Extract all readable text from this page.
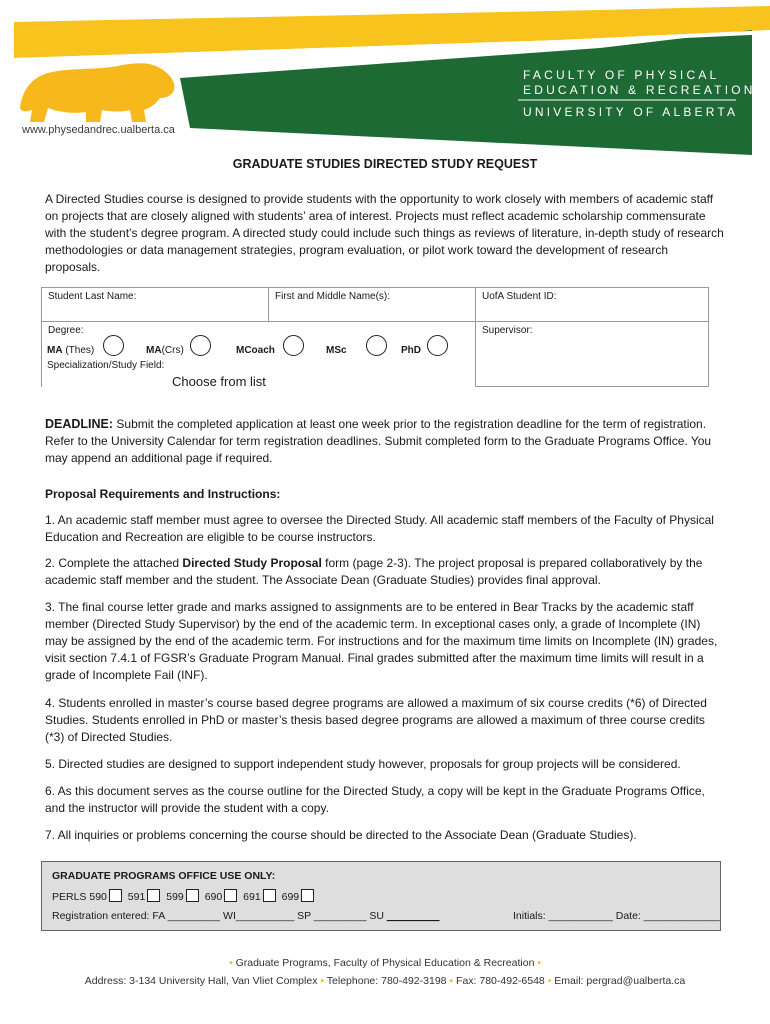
FACULTY OF PHYSICAL
EDUCATION & RECREATION
UNIVERSITY OF ALBERTA
www.physedandrec.ualberta.ca
GRADUATE STUDIES DIRECTED STUDY REQUEST
A Directed Studies course is designed to provide students with the opportunity to work closely with members of academic staff on projects that are closely aligned with students’ area of interest. Projects must reflect academic scholarship commensurate with the student’s degree program. A directed study could include such things as reviews of literature, in-depth study of research methodologies or data management strategies, program evaluation, or pilot work toward the development of research proposals.
Student Last Name:	First and Middle Name(s):	UofA Student ID:
Degree:		Supervisor:
MA (Thes)	MA(Crs)	MCoach	MSc	PhD
Specialization/Study Field:
Choose from list
DEADLINE: Submit the completed application at least one week prior to the registration deadline for the term of registration. Refer to the University Calendar for term registration deadlines. Submit completed form to the Graduate Programs Office. You may append an additional page if required.
Proposal Requirements and Instructions:
1. An academic staff member must agree to oversee the Directed Study. All academic staff members of the Faculty of Physical Education and Recreation are eligible to be course instructors.
2. Complete the attached Directed Study Proposal form (page 2-3). The project proposal is prepared collaboratively by the academic staff member and the student. The Associate Dean (Graduate Studies) provides final approval.
3. The final course letter grade and marks assigned to assignments are to be entered in Bear Tracks by the academic staff member (Directed Study Supervisor) by the end of the academic term. In exceptional cases only, a grade of Incomplete (IN) may be assigned by the end of the academic term. For instructions and for the maximum time limits on Incomplete (IN) grades, visit section 7.4.1 of FGSR’s Graduate Program Manual. Final grades submitted after the maximum time limits will result in a grade of Incomplete Fail (INF).
4. Students enrolled in master’s course based degree programs are allowed a maximum of six course credits (*6) of Directed Studies. Students enrolled in PhD or master’s thesis based degree programs are allowed a maximum of three course credits (*3) of Directed Studies.
5. Directed studies are designed to support independent study however, proposals for group projects will be considered.
6. As this document serves as the course outline for the Directed Study, a copy will be kept in the Graduate Programs Office, and the instructor will provide the student with a copy.
7. All inquiries or problems concerning the course should be directed to the Associate Dean (Graduate Studies).
GRADUATE PROGRAMS OFFICE USE ONLY:
PERLS 590 591 599 690 691 699
Registration entered: FA _________ WI__________ SP _________ SU _________	Initials: ___________ Date: _____________
• Graduate Programs, Faculty of Physical Education & Recreation •
Address: 3-134 University Hall, Van Vliet Complex • Telephone: 780-492-3198 • Fax: 780-492-6548 • Email: pergrad@ualberta.ca
